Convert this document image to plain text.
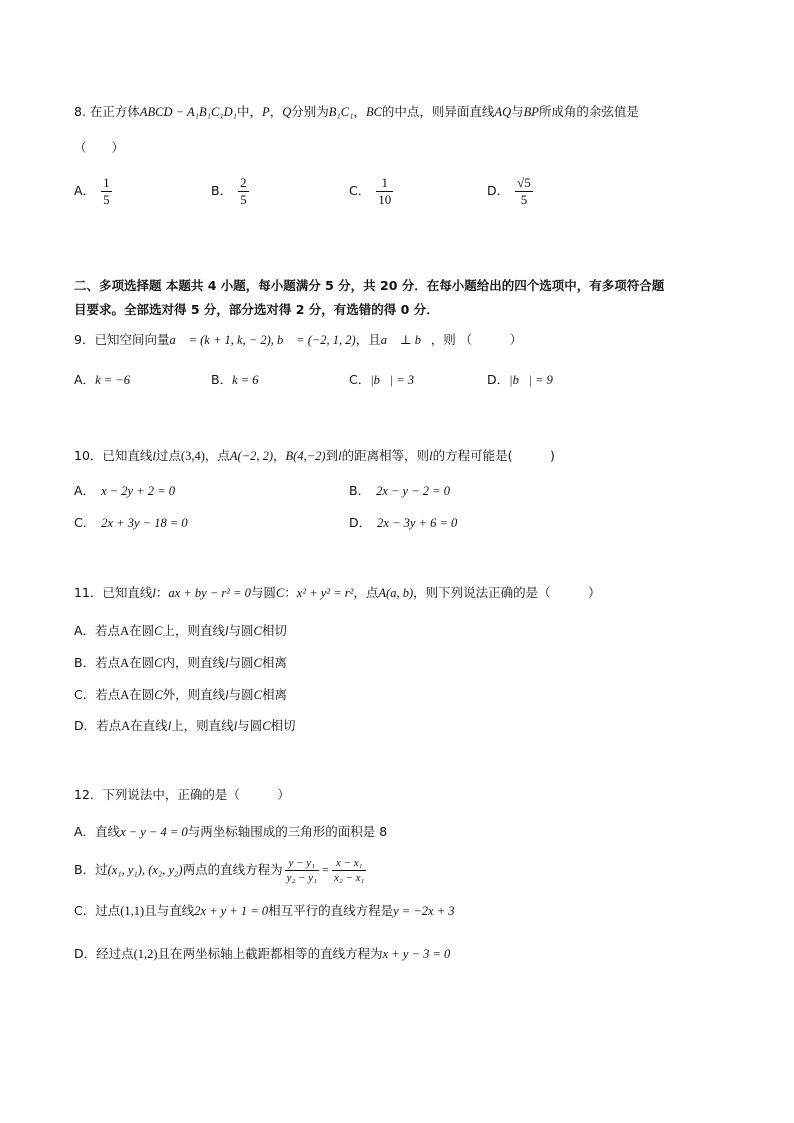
8. 在正方体ABCD − A₁B₁C₁D₁中，P，Q分别为B₁C₁，BC的中点，则异面直线AQ与BP所成角的余弦值是
（　　）
A． $\frac{1}{5}$	B． $\frac{2}{5}$	C． $\frac{1}{10}$	D． $\frac{√5}{5}$
二、多项选择题 本题共 4 小题，每小题满分 5 分，共 20 分．在每小题给出的四个选项中，有多项符合题
目要求。全部选对得 5 分，部分选对得 2 分，有选错的得 0 分．
9．已知空间向量a⃗ = (k + 1, k, − 2), b⃗ = (−2, 1, 2)，且a⃗ ⊥ b⃗，则 （　　　）
A．k = −6	B．k = 6	C．|b⃗| = 3	D．|b⃗| = 9
10．已知直线l过点(3,4)，点A(−2, 2)，B(4,−2)到l的距离相等，则l的方程可能是(　　　)
A． x − 2y + 2 = 0	B． 2x − y − 2 = 0
C． 2x + 3y − 18 = 0	D． 2x − 3y + 6 = 0
11．已知直线l：ax + by − r² = 0与圆C：x² + y² = r²，点A(a, b)，则下列说法正确的是（　　　）
A．若点A在圆C上，则直线l与圆C相切
B．若点A在圆C内，则直线l与圆C相离
C．若点A在圆C外，则直线l与圆C相离
D．若点A在直线l上，则直线l与圆C相切
12．下列说法中，正确的是（　　　）
A．直线x − y − 4 = 0与两坐标轴围成的三角形的面积是 8
B．过(x₁, y₁), (x₂, y₂)两点的直线方程为 $\frac{\text{y − y₁}}{\text{y₂ − y₁}} = \frac{\text{x − x₁}}{\text{x₂ − x₁}}$
C．过点(1,1)且与直线2x + y + 1 = 0相互平行的直线方程是y = −2x + 3
D．经过点(1,2)且在两坐标轴上截距都相等的直线方程为x + y − 3 = 0
